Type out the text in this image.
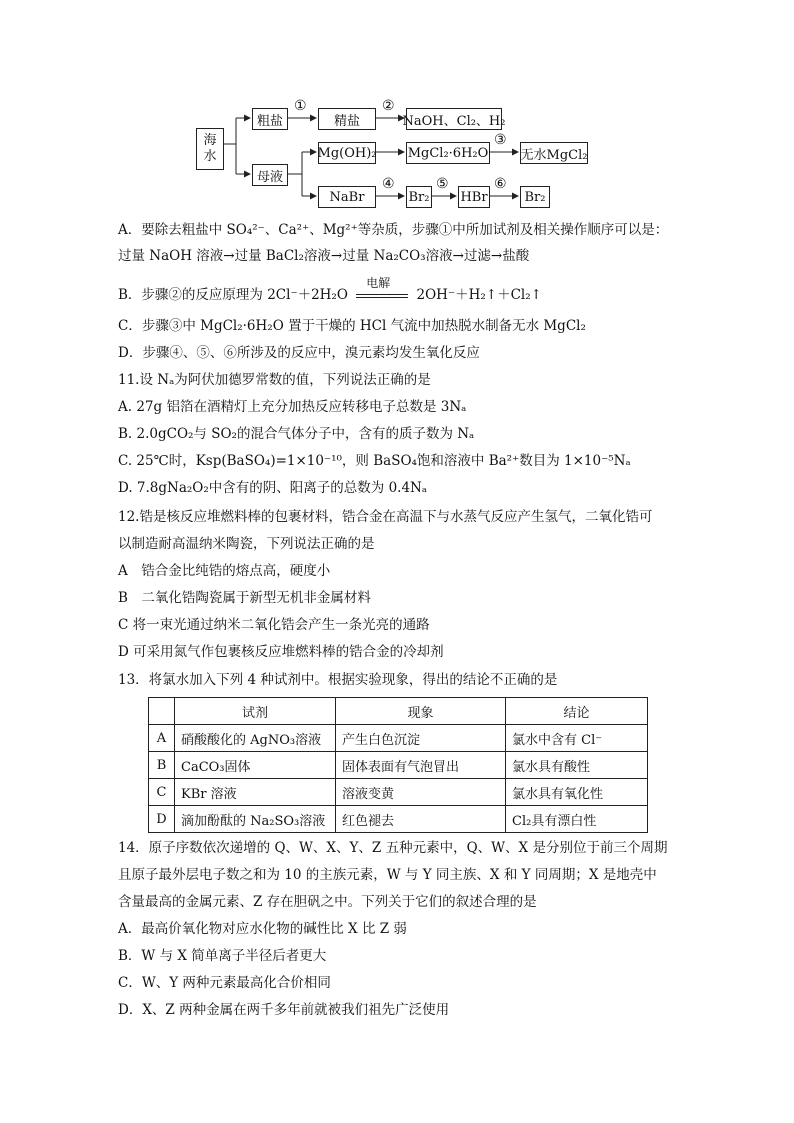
海
水
粗盐
①
精盐
②
NaOH、Cl₂、H₂
母液
Mg(OH)₂ MgCl₂·6H₂O
③
无水MgCl₂
NaBr
④
Br₂
⑤
HBr
⑥
Br₂
A．要除去粗盐中 SO₄²⁻、Ca²⁺、Mg²⁺等杂质，步骤①中所加试剂及相关操作顺序可以是：
过量 NaOH 溶液→过量 BaCl₂溶液→过量 Na₂CO₃溶液→过滤→盐酸
B．步骤②的反应原理为 2Cl⁻＋2H₂O
电解
2OH⁻＋H₂↑＋Cl₂↑
C．步骤③中 MgCl₂·6H₂O 置于干燥的 HCl 气流中加热脱水制备无水 MgCl₂
D．步骤④、⑤、⑥所涉及的反应中，溴元素均发生氧化反应
11.设 Nₐ为阿伏加德罗常数的值，下列说法正确的是
A. 27g 铝箔在酒精灯上充分加热反应转移电子总数是 3Nₐ
B. 2.0gCO₂与 SO₂的混合气体分子中，含有的质子数为 Nₐ
C. 25℃时，Ksp(BaSO₄)=1×10⁻¹⁰，则 BaSO₄饱和溶液中 Ba²⁺数目为 1×10⁻⁵Nₐ
D. 7.8gNa₂O₂中含有的阴、阳离子的总数为 0.4Nₐ
12.锆是核反应堆燃料棒的包裹材料，锆合金在高温下与水蒸气反应产生氢气，二氧化锆可
以制造耐高温纳米陶瓷，下列说法正确的是
A　锆合金比纯锆的熔点高，硬度小
B　二氧化锆陶瓷属于新型无机非金属材料
C 将一束光通过纳米二氧化锆会产生一条光亮的通路
D 可采用氮气作包裹核反应堆燃料棒的锆合金的冷却剂
13．将氯水加入下列 4 种试剂中。根据实验现象，得出的结论不正确的是
	试剂	现象	结论
A	硝酸酸化的 AgNO₃溶液	产生白色沉淀	氯水中含有 Cl⁻
B	CaCO₃固体	固体表面有气泡冒出	氯水具有酸性
C	KBr 溶液	溶液变黄	氯水具有氧化性
D	滴加酚酞的 Na₂SO₃溶液	红色褪去	Cl₂具有漂白性
14．原子序数依次递增的 Q、W、X、Y、Z 五种元素中，Q、W、X 是分别位于前三个周期
且原子最外层电子数之和为 10 的主族元素，W 与 Y 同主族、X 和 Y 同周期；X 是地壳中
含量最高的金属元素、Z 存在胆矾之中。下列关于它们的叙述合理的是
A．最高价氧化物对应水化物的碱性比 X 比 Z 弱
B．W 与 X 简单离子半径后者更大
C．W、Y 两种元素最高化合价相同
D．X、Z 两种金属在两千多年前就被我们祖先广泛使用
